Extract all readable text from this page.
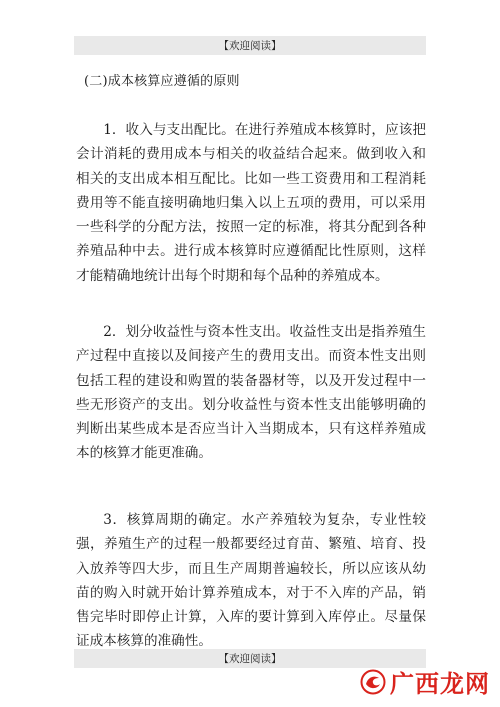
【欢迎阅读】
(二)成本核算应遵循的原则

1．收入与支出配比。在进行养殖成本核算时，应该把会计消耗的费用成本与相关的收益结合起来。做到收入和相关的支出成本相互配比。比如一些工资费用和工程消耗费用等不能直接明确地归集入以上五项的费用，可以采用一些科学的分配方法，按照一定的标准，将其分配到各种养殖品种中去。进行成本核算时应遵循配比性原则，这样才能精确地统计出每个时期和每个品种的养殖成本。

2．划分收益性与资本性支出。收益性支出是指养殖生产过程中直接以及间接产生的费用支出。而资本性支出则包括工程的建设和购置的装备器材等，以及开发过程中一些无形资产的支出。划分收益性与资本性支出能够明确的判断出某些成本是否应当计入当期成本，只有这样养殖成本的核算才能更准确。

3．核算周期的确定。水产养殖较为复杂，专业性较强，养殖生产的过程一般都要经过育苗、繁殖、培育、投入放养等四大步，而且生产周期普遍较长，所以应该从幼苗的购入时就开始计算养殖成本，对于不入库的产品，销售完毕时即停止计算，入库的要计算到入库停止。尽量保证成本核算的准确性。

【欢迎阅读】
广西龙网
